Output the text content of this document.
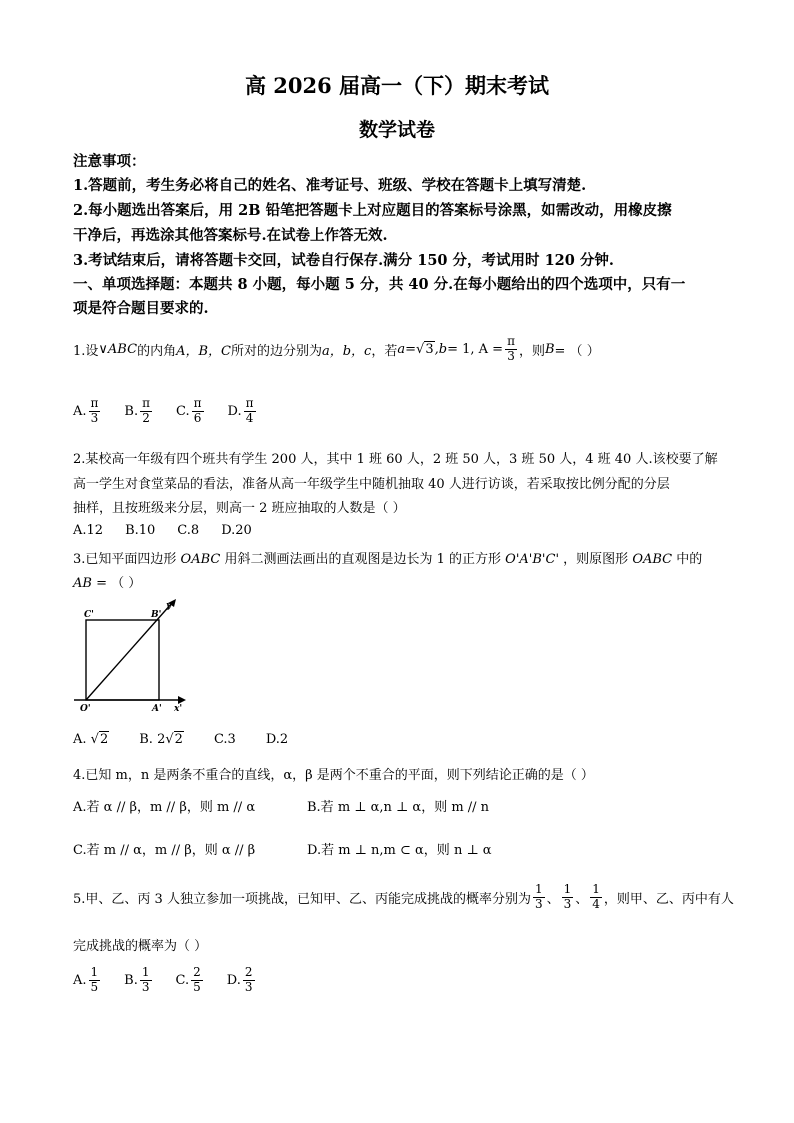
高 2026 届高一（下）期末考试
数学试卷
注意事项：
1.答题前，考生务必将自己的姓名、准考证号、班级、学校在答题卡上填写清楚.
2.每小题选出答案后，用 2B 铅笔把答题卡上对应题目的答案标号涂黑，如需改动，用橡皮擦
干净后，再选涂其他答案标号.在试卷上作答无效.
3.考试结束后，请将答题卡交回，试卷自行保存.满分 150 分，考试用时 120 分钟.
一、单项选择题：本题共 8 小题，每小题 5 分，共 40 分.在每小题给出的四个选项中，只有一
项是符合题目要求的.
1.设 ∨ ABC 的内角 A，B，C 所对的边分别为 a，b，c ，若 a = √ 3 ,b = 1, $A = \frac{\pi}{3}$ ，则 B = （ ）
A. $\frac{\pi}{3} B$. $\frac{\pi}{2} C$. $\frac{\pi}{6} D$. $\frac{\pi}{4}$
2.某校高一年级有四个班共有学生 200 人，其中 1 班 60 人，2 班 50 人，3 班 50 人，4 班 40 人.该校要了解
高一学生对食堂菜品的看法，准备从高一年级学生中随机抽取 40 人进行访谈，若采取按比例分配的分层
抽样，且按班级来分层，则高一 2 班应抽取的人数是（ ）
A.12 B.10 C.8 D.20
3.已知平面四边形 OABC 用斜二测画法画出的直观图是边长为 1 的正方形 O'A'B'C' ，则原图形 OABC 中的
AB = （ ）
C'	B'
O'	A' x'
y'
A.
√ 2 B.
2 √ 2 C.3 D.2
4.已知 m，n 是两条不重合的直线，α，β 是两个不重合的平面，则下列结论正确的是（ ）
A.若 α // β，m // β，则 m // α	B.若 m ⊥ α,n ⊥ α，则 m // n
C.若 m // α，m // β，则 α // β	D.若 m ⊥ n,m ⊂ α，则 n ⊥ α
5.甲、乙、丙 3 人独立参加一项挑战，已知甲、乙、丙能完成挑战的概率分别为 $\frac{1}{3}$ 、 $\frac{1}{3}$ 、 $\frac{1}{4}$ ，则甲、乙、丙中有人
完成挑战的概率为（ ）
A. $\frac{1}{5} B$. $\frac{1}{3} C$. $\frac{2}{5} D$. $\frac{2}{3}$
